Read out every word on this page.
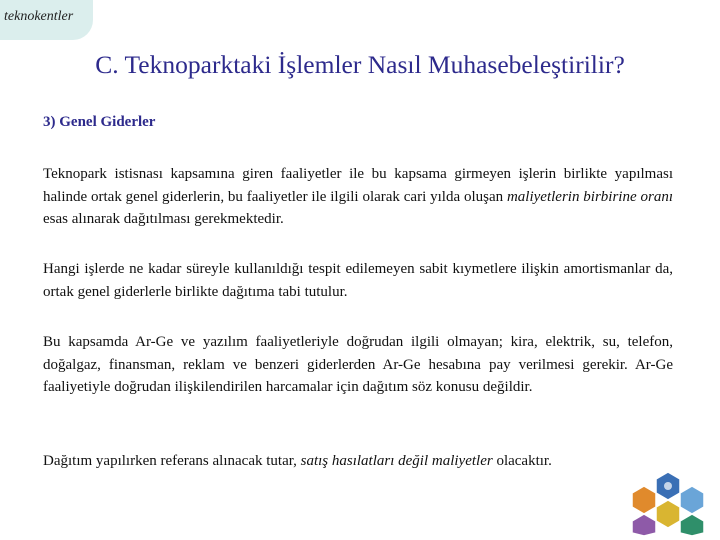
teknokentler
C. Teknoparktaki İşlemler Nasıl Muhasebeleştirilir?
3) Genel Giderler

Teknopark istisnası kapsamına giren faaliyetler ile bu kapsama girmeyen işlerin birlikte yapılması halinde ortak genel giderlerin, bu faaliyetler ile ilgili olarak cari yılda oluşan maliyetlerin birbirine oranı esas alınarak dağıtılması gerekmektedir.

Hangi işlerde ne kadar süreyle kullanıldığı tespit edilemeyen sabit kıymetlere ilişkin amortismanlar da, ortak genel giderlerle birlikte dağıtıma tabi tutulur.

Bu kapsamda Ar-Ge ve yazılım faaliyetleriyle doğrudan ilgili olmayan; kira, elektrik, su, telefon, doğalgaz, finansman, reklam ve benzeri giderlerden Ar-Ge hesabına pay verilmesi gerekir. Ar-Ge faaliyetiyle doğrudan ilişkilendirilen harcamalar için dağıtım söz konusu değildir.

Dağıtım yapılırken referans alınacak tutar, satış hasılatları değil maliyetler olacaktır.
